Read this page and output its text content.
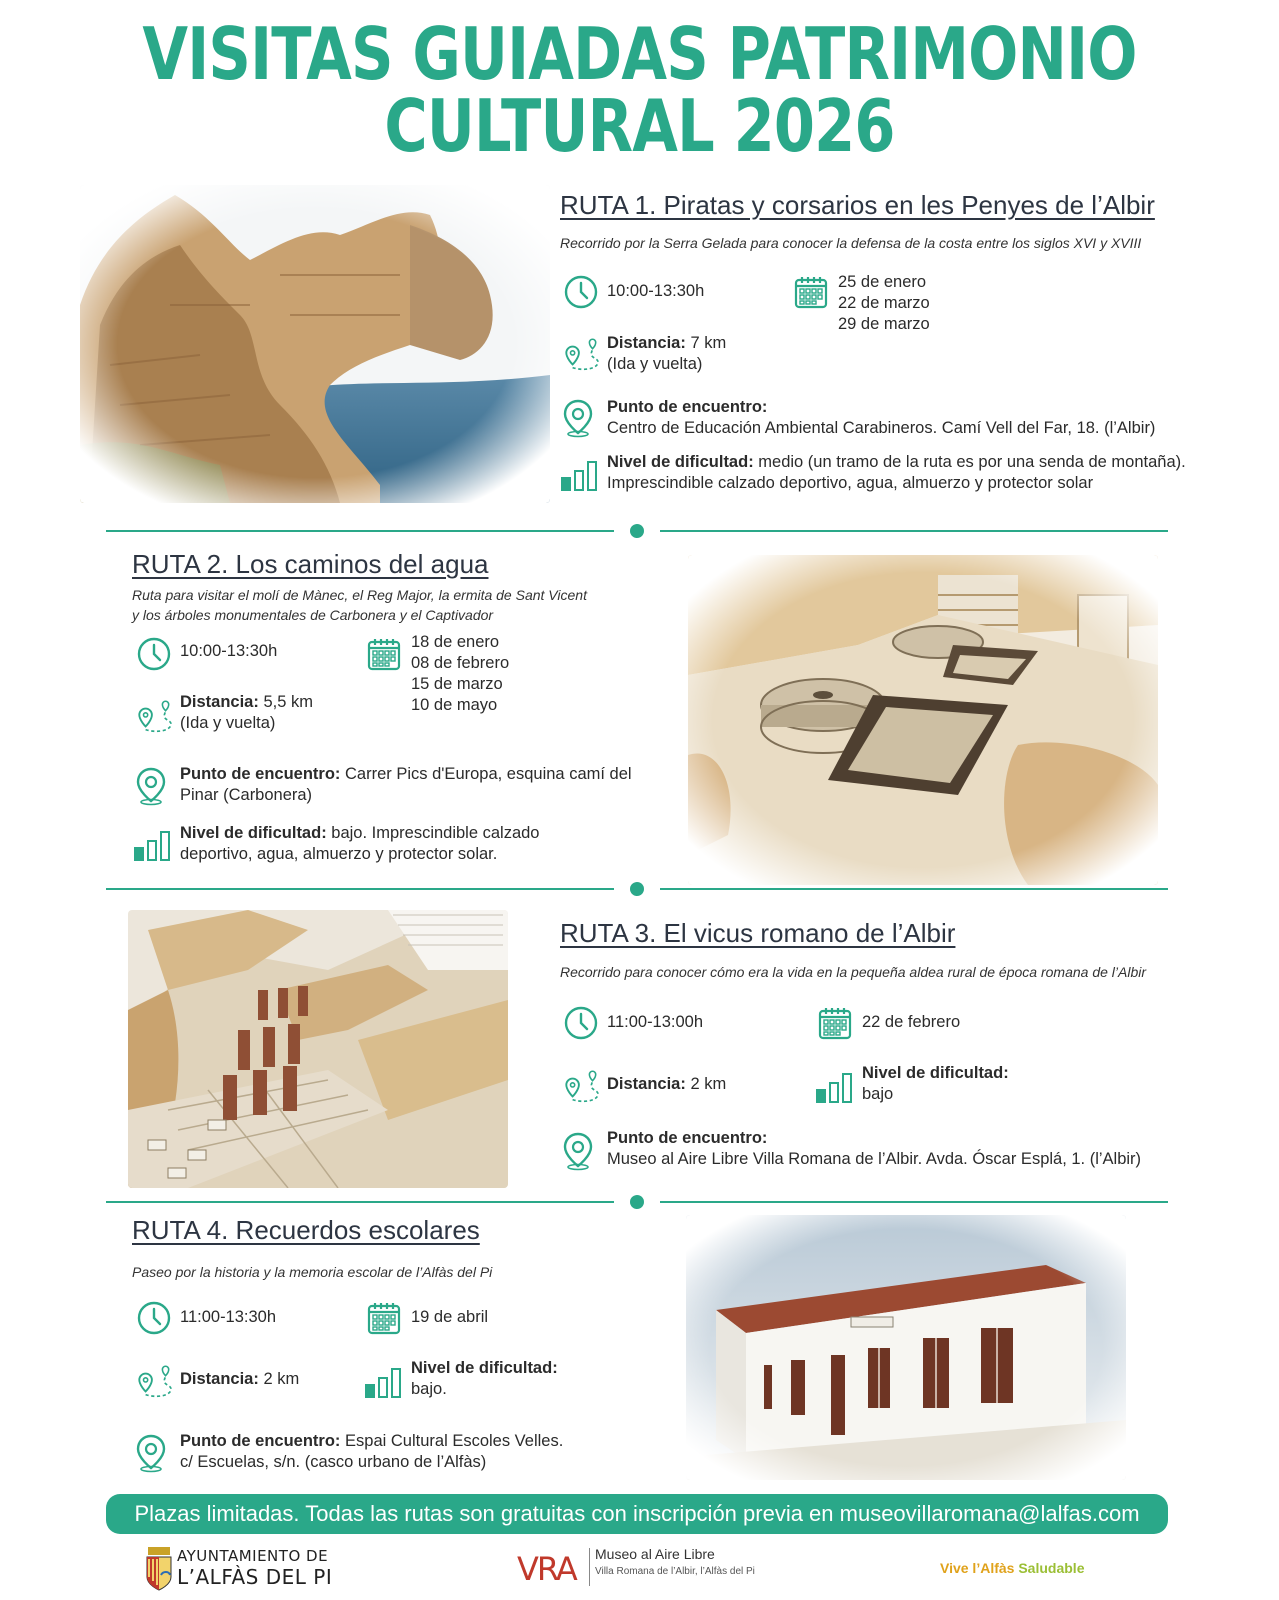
VISITAS GUIADAS PATRIMONIO
CULTURAL 2026
RUTA 1. Piratas y corsarios en les Penyes de l’Albir
Recorrido por la Serra Gelada para conocer la defensa de la costa entre los siglos XVI y XVIII
10:00-13:30h	25 de enero
22 de marzo
29 de marzo
Distancia: 7 km
(Ida y vuelta)
Punto de encuentro:
Centro de Educación Ambiental Carabineros. Camí Vell del Far, 18. (l’Albir)
Nivel de dificultad: medio (un tramo de la ruta es por una senda de montaña).
Imprescindible calzado deportivo, agua, almuerzo y protector solar
RUTA 2. Los caminos del agua
Ruta para visitar el molí de Mànec, el Reg Major, la ermita de Sant Vicent
y los árboles monumentales de Carbonera y el Captivador
10:00-13:30h	18 de enero
08 de febrero
15 de marzo
10 de mayo
Distancia: 5,5 km
(Ida y vuelta)
Punto de encuentro: Carrer Pics d'Europa, esquina camí del
Pinar (Carbonera)
Nivel de dificultad: bajo. Imprescindible calzado
deportivo, agua, almuerzo y protector solar.
RUTA 3. El vicus romano de l’Albir
Recorrido para conocer cómo era la vida en la pequeña aldea rural de época romana de l’Albir
11:00-13:00h	22 de febrero
Distancia: 2 km
Nivel de dificultad:
bajo
Punto de encuentro:
Museo al Aire Libre Villa Romana de l’Albir. Avda. Óscar Esplá, 1. (l’Albir)
RUTA 4. Recuerdos escolares
Paseo por la historia y la memoria escolar de l’Alfàs del Pi
11:00-13:30h	19 de abril
Distancia: 2 km
Nivel de dificultad:
bajo.
Punto de encuentro: Espai Cultural Escoles Velles.
c/ Escuelas, s/n. (casco urbano de l’Alfàs)
Plazas limitadas. Todas las rutas son gratuitas con inscripción previa en museovillaromana@lalfas.com
AYUNTAMIENTO DE
L’ALFÀS DEL PI	VRA Museo al Aire Libre
Villa Romana de l’Albir, l’Alfàs del Pi	Vive l’Alfàs Saludable
